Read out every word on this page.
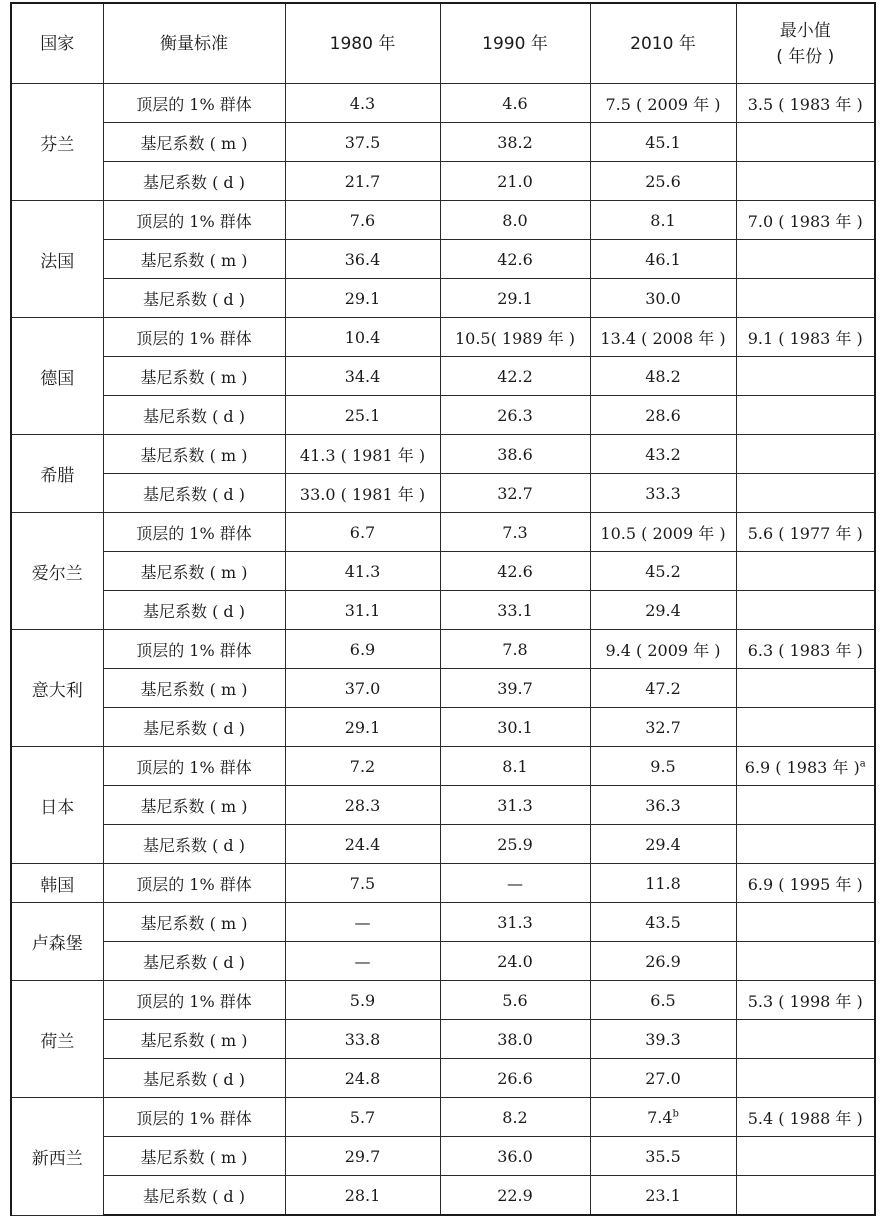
国家	衡量标准	1980 年	1990 年	2010 年	最小值
( 年份 )

芬兰	顶层的 1% 群体	4.3	4.6	7.5 ( 2009 年 )	3.5 ( 1983 年 )
	基尼系数 ( m )	37.5	38.2	45.1	
	基尼系数 ( d )	21.7	21.0	25.6	
法国	顶层的 1% 群体	7.6	8.0	8.1	7.0 ( 1983 年 )
	基尼系数 ( m )	36.4	42.6	46.1	
	基尼系数 ( d )	29.1	29.1	30.0	
德国	顶层的 1% 群体	10.4	10.5( 1989 年 )	13.4 ( 2008 年 )	9.1 ( 1983 年 )
	基尼系数 ( m )	34.4	42.2	48.2	
	基尼系数 ( d )	25.1	26.3	28.6	
希腊	基尼系数 ( m )	41.3 ( 1981 年 )	38.6	43.2	
	基尼系数 ( d )	33.0 ( 1981 年 )	32.7	33.3	
爱尔兰	顶层的 1% 群体	6.7	7.3	10.5 ( 2009 年 )	5.6 ( 1977 年 )
	基尼系数 ( m )	41.3	42.6	45.2	
	基尼系数 ( d )	31.1	33.1	29.4	
意大利	顶层的 1% 群体	6.9	7.8	9.4 ( 2009 年 )	6.3 ( 1983 年 )
	基尼系数 ( m )	37.0	39.7	47.2	
	基尼系数 ( d )	29.1	30.1	32.7	
日本	顶层的 1% 群体	7.2	8.1	9.5	6.9 ( 1983 年 )$^a$
	基尼系数 ( m )	28.3	31.3	36.3	
	基尼系数 ( d )	24.4	25.9	29.4	
韩国	顶层的 1% 群体	7.5	—	11.8	6.9 ( 1995 年 )
卢森堡	基尼系数 ( m )	—	31.3	43.5	
	基尼系数 ( d )	—	24.0	26.9	
荷兰	顶层的 1% 群体	5.9	5.6	6.5	5.3 ( 1998 年 )
	基尼系数 ( m )	33.8	38.0	39.3	
	基尼系数 ( d )	24.8	26.6	27.0	
新西兰	顶层的 1% 群体	5.7	8.2	7.4$^b$	5.4 ( 1988 年 )
	基尼系数 ( m )	29.7	36.0	35.5	
	基尼系数 ( d )	28.1	22.9	23.1	
